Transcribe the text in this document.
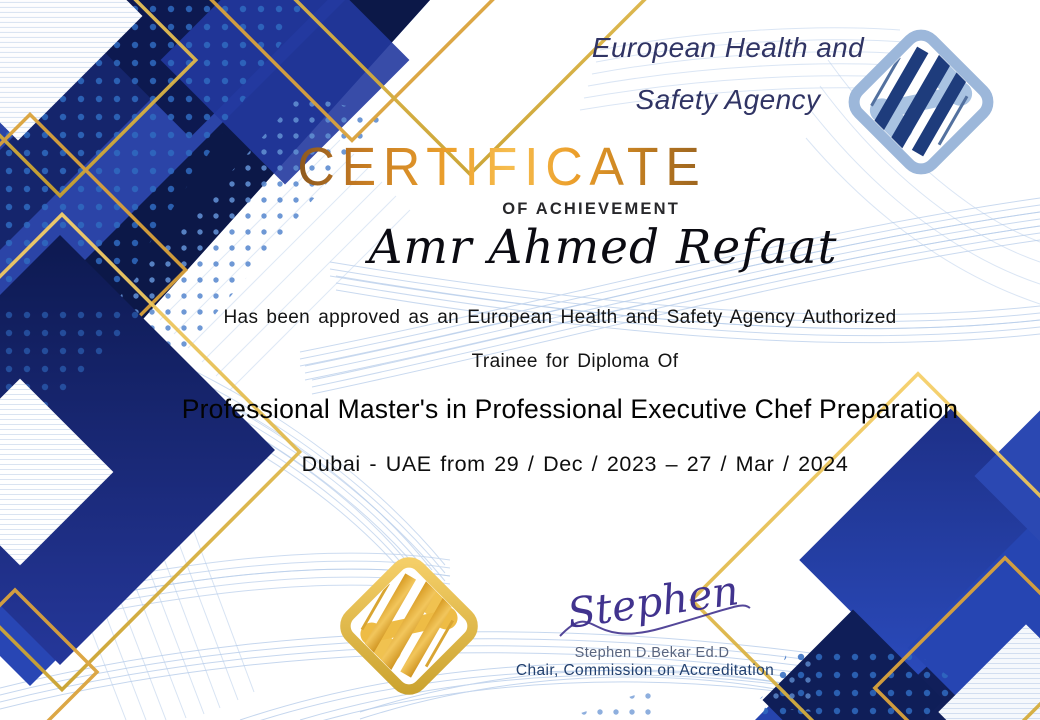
European Health and
Safety Agency
CERTIFICATE
OF ACHIEVEMENT
Amr Ahmed Refaat
Has been approved as an European Health and Safety Agency Authorized
Trainee for Diploma Of
Professional Master's in Professional Executive Chef Preparation
Dubai - UAE from 29 / Dec / 2023 – 27 / Mar / 2024
Stephen
Stephen D.Bekar Ed.D
Chair, Commission on Accreditation
